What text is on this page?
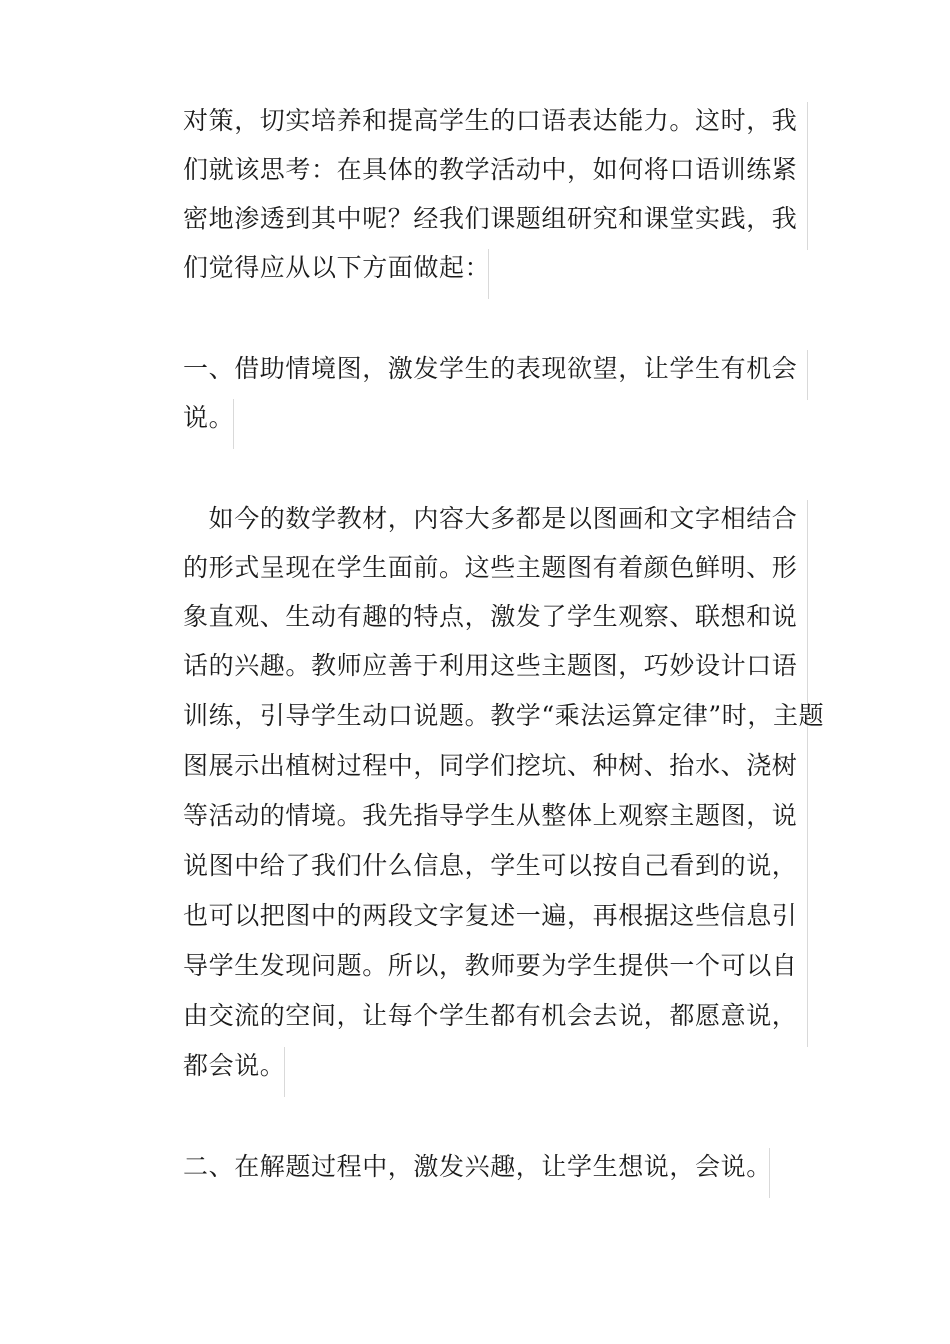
对策，切实培养和提高学生的口语表达能力。这时，我
们就该思考：在具体的教学活动中，如何将口语训练紧
密地渗透到其中呢？经我们课题组研究和课堂实践，我
们觉得应从以下方面做起：
一、借助情境图，激发学生的表现欲望，让学生有机会
说。
　如今的数学教材，内容大多都是以图画和文字相结合
的形式呈现在学生面前。这些主题图有着颜色鲜明、形
象直观、生动有趣的特点，激发了学生观察、联想和说
话的兴趣。教师应善于利用这些主题图，巧妙设计口语
训练，引导学生动口说题。教学“乘法运算定律”时，主题
图展示出植树过程中，同学们挖坑、种树、抬水、浇树
等活动的情境。我先指导学生从整体上观察主题图，说
说图中给了我们什么信息，学生可以按自己看到的说，
也可以把图中的两段文字复述一遍，再根据这些信息引
导学生发现问题。所以，教师要为学生提供一个可以自
由交流的空间，让每个学生都有机会去说，都愿意说，
都会说。
二、在解题过程中，激发兴趣，让学生想说，会说。
